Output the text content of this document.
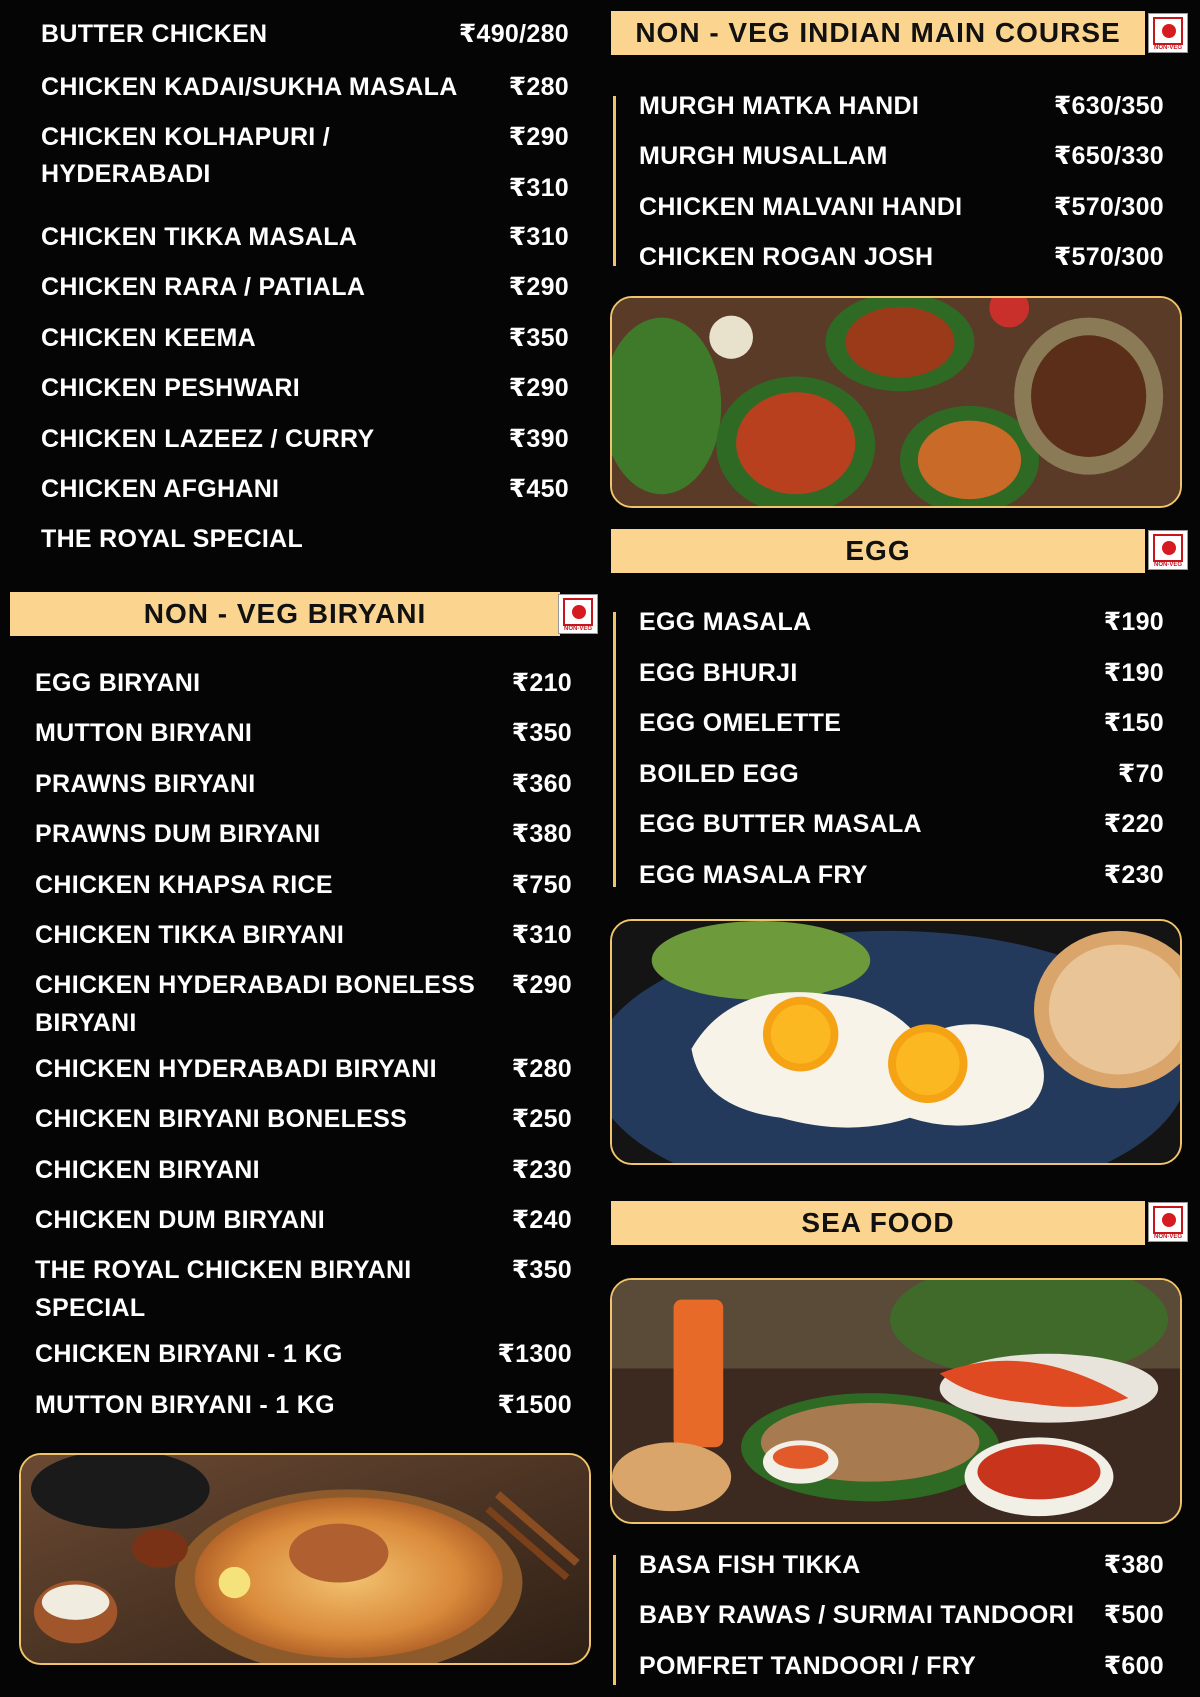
BUTTER CHICKEN	₹490/280
CHICKEN KADAI/SUKHA MASALA ₹280
CHICKEN KOLHAPURI /	₹290
HYDERABADI	₹310
CHICKEN TIKKA MASALA	₹310
CHICKEN RARA / PATIALA	₹290
CHICKEN KEEMA	₹350
CHICKEN PESHWARI	₹290
CHICKEN LAZEEZ / CURRY	₹390
CHICKEN AFGHANI	₹450
THE ROYAL SPECIAL
NON - VEG BIRYANI	NON-VEG
EGG BIRYANI	₹210
MUTTON BIRYANI	₹350
PRAWNS BIRYANI	₹360
PRAWNS DUM BIRYANI	₹380
CHICKEN KHAPSA RICE	₹750
CHICKEN TIKKA BIRYANI	₹310
CHICKEN HYDERABADI BONELESS BIRYANI
₹290
CHICKEN HYDERABADI BIRYANI	₹280
CHICKEN BIRYANI BONELESS	₹250
CHICKEN BIRYANI	₹230
CHICKEN DUM BIRYANI	₹240
THE ROYAL CHICKEN BIRYANI SPECIAL
₹350
CHICKEN BIRYANI - 1 KG	₹1300
MUTTON BIRYANI - 1 KG	₹1500
NON - VEG INDIAN MAIN COURSE	NON-VEG
MURGH MATKA HANDI	₹630/350
MURGH MUSALLAM	₹650/330
CHICKEN MALVANI HANDI	₹570/300
CHICKEN ROGAN JOSH	₹570/300
EGG	NON-VEG
EGG MASALA	₹190
EGG BHURJI	₹190
EGG OMELETTE	₹150
BOILED EGG	₹70
EGG BUTTER MASALA	₹220
EGG MASALA FRY	₹230
SEA FOOD	NON-VEG
BASA FISH TIKKA	₹380
BABY RAWAS / SURMAI TANDOORI ₹500
POMFRET TANDOORI / FRY	₹600
